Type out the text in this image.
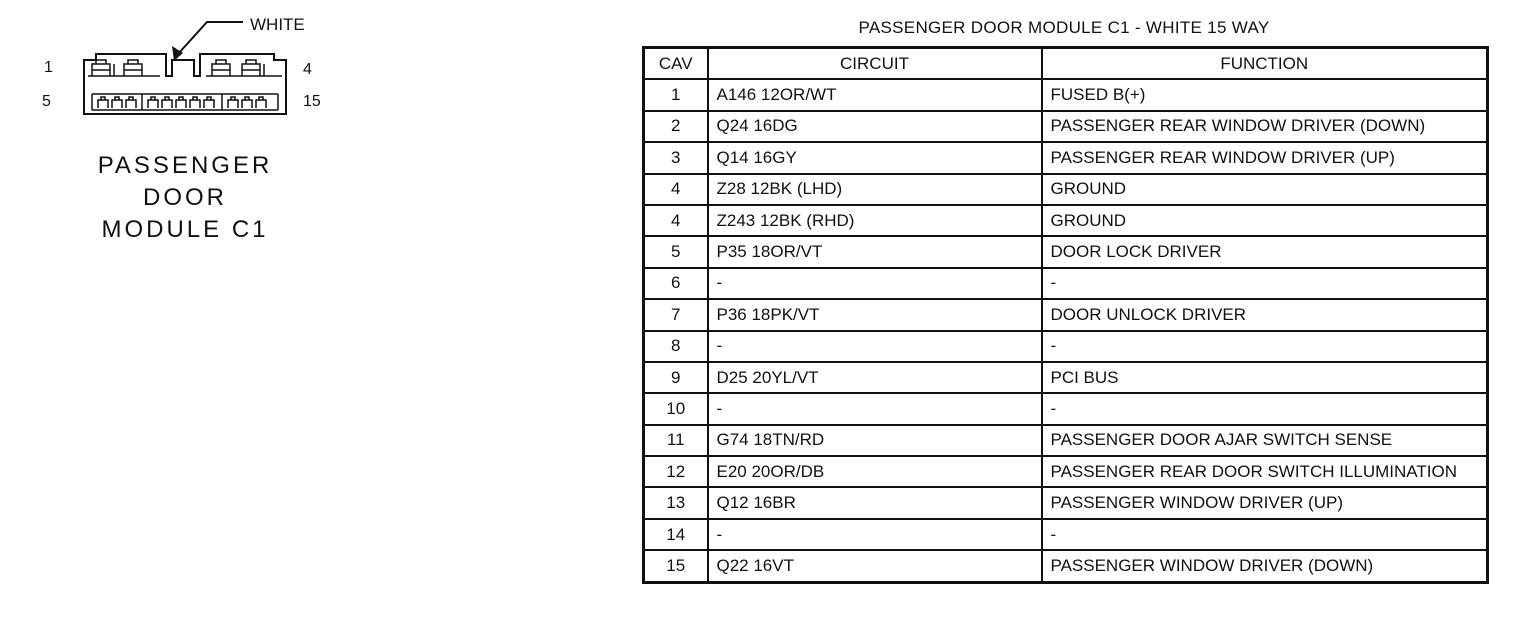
WHITE
1	4
5	15
PASSENGER
DOOR
MODULE C1
PASSENGER DOOR MODULE C1 - WHITE 15 WAY
CAV	CIRCUIT	FUNCTION
1	A146 12OR/WT	FUSED B(+)
2	Q24 16DG	PASSENGER REAR WINDOW DRIVER (DOWN)
3	Q14 16GY	PASSENGER REAR WINDOW DRIVER (UP)
4	Z28 12BK (LHD)	GROUND
4	Z243 12BK (RHD)	GROUND
5	P35 18OR/VT	DOOR LOCK DRIVER
6	-	-
7	P36 18PK/VT	DOOR UNLOCK DRIVER
8	-	-
9	D25 20YL/VT	PCI BUS
10	-	-
11	G74 18TN/RD	PASSENGER DOOR AJAR SWITCH SENSE
12	E20 20OR/DB	PASSENGER REAR DOOR SWITCH ILLUMINATION
13	Q12 16BR	PASSENGER WINDOW DRIVER (UP)
14	-	-
15	Q22 16VT	PASSENGER WINDOW DRIVER (DOWN)
